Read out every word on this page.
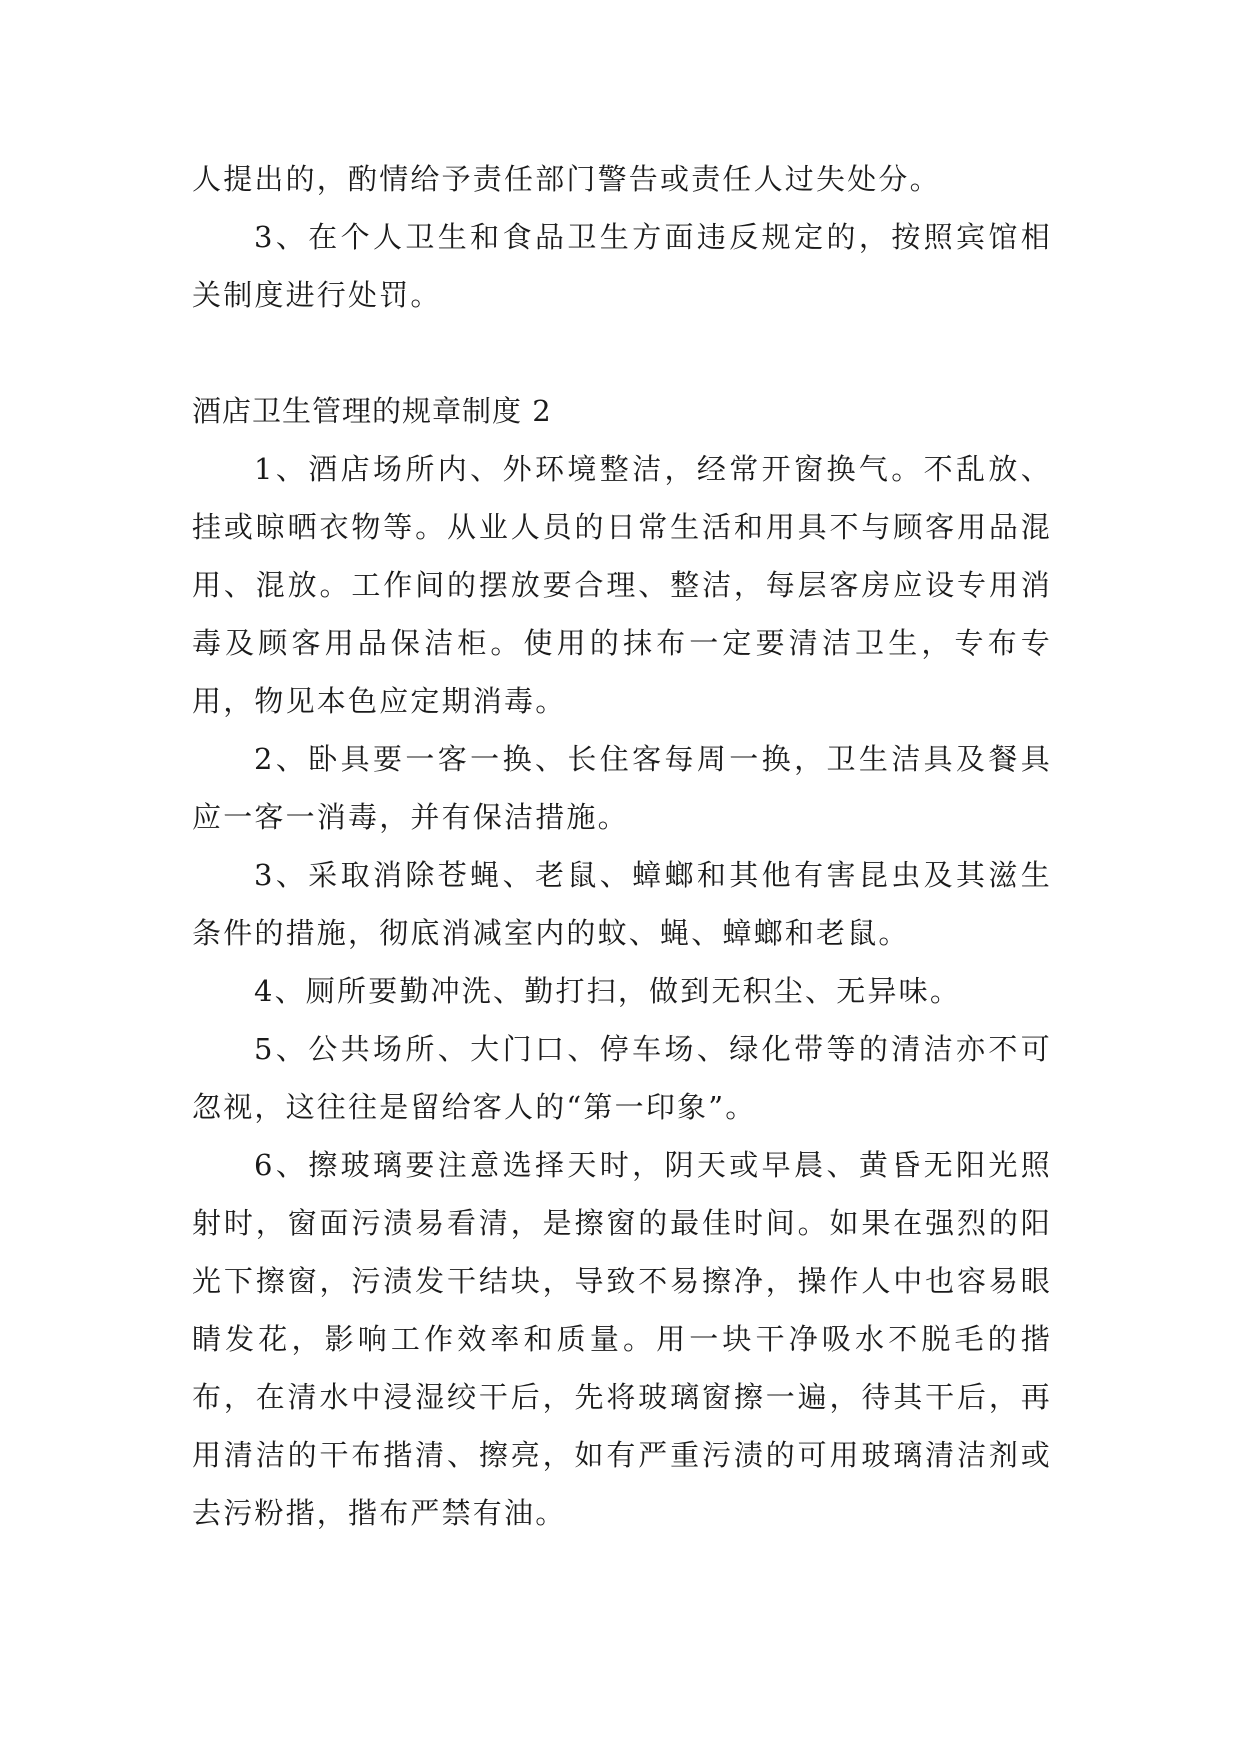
人提出的，酌情给予责任部门警告或责任人过失处分。

3、在个人卫生和食品卫生方面违反规定的，按照宾馆相关制度进行处罚。

酒店卫生管理的规章制度 2

1、酒店场所内、外环境整洁，经常开窗换气。不乱放、挂或晾晒衣物等。从业人员的日常生活和用具不与顾客用品混用、混放。工作间的摆放要合理、整洁，每层客房应设专用消毒及顾客用品保洁柜。使用的抹布一定要清洁卫生，专布专用，物见本色应定期消毒。

2、卧具要一客一换、长住客每周一换，卫生洁具及餐具应一客一消毒，并有保洁措施。

3、采取消除苍蝇、老鼠、蟑螂和其他有害昆虫及其滋生条件的措施，彻底消减室内的蚊、蝇、蟑螂和老鼠。

4、厕所要勤冲洗、勤打扫，做到无积尘、无异味。

5、公共场所、大门口、停车场、绿化带等的清洁亦不可忽视，这往往是留给客人的“第一印象”。

6、擦玻璃要注意选择天时，阴天或早晨、黄昏无阳光照射时，窗面污渍易看清，是擦窗的最佳时间。如果在强烈的阳光下擦窗，污渍发干结块，导致不易擦净，操作人中也容易眼睛发花，影响工作效率和质量。用一块干净吸水不脱毛的揩布，在清水中浸湿绞干后，先将玻璃窗擦一遍，待其干后，再用清洁的干布揩清、擦亮，如有严重污渍的可用玻璃清洁剂或去污粉揩，揩布严禁有油。
